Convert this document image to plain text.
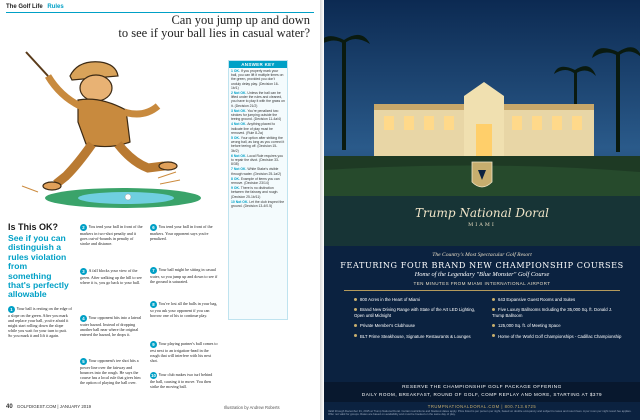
The Golf Life Rules
Can you jump up and down
to see if your ball lies in casual water?
ANSWER KEY
1 OK. If you properly mark your ball, you can lift it multiple times on the green, provided you don't unduly delay play. (Decision 16-1b/1)
2 Not OK. Unless the ball can be lifted under the rules and cleaned, you have to play it with the grass on it. (Decision 21/2)
3 Not OK. You're penalized two strokes for jumping outside the teeing ground. (Decision 11-4a/4)
4 Not OK. Anything placed to indicate line of play must be removed. (Rule 8-2a)
5 OK. Your option after striking the wrong ball, as long as you correct it before teeing off. (Decision 15-3b/2)
6 Not OK. Local Rule requires you to repair the divot. (Decision 33-8/38)
7 Not OK. White Stake's visible through water. (Decision 25-1a/2)
8 OK. Example of items you can remove. (Decision 23/14)
9 OK. There is no distinction between the fairway and rough. (Decision 25-1b/11)
10 Not OK. Let the club inspect the ground. (Decision 13-4/0.5)
Is This OK?
See if you can distinguish a rules violation from something that's perfectly allowable
1 Your ball is resting on the edge of a slope on the green. After you mark and replace your ball, you're afraid it might start rolling down the slope while you wait for your turn to putt. So you mark it and lift it again.
2 You tend your ball in front of the markers in two-shot penalty and it goes out-of-bounds in penalty of stroke and distance.
3 A fall blocks your view of the green. After walking up the hill to see where it is, you go back to your ball.
4 Your opponent hits into a lateral water hazard. Instead of dropping another ball near where the original entered the hazard, he drops it.
5 Your opponent's tee shot hits a power line over the fairway and bounces into the rough. He says the course has a local rule that gives him the option of playing the ball over.
6 You tend your ball in front of the markers. Your opponent says you're penalized.
7 Your ball might be sitting in casual water, so you jump up and down to see if the ground is saturated.
8 You've lost all the balls in your bag, so you ask your opponent if you can borrow one of his to continue play.
9 Your playing partner's ball comes to rest next to an irrigation-head in the rough that will interfere with his next shot.
10 Your club makes two turf behind the ball, causing it to move. You then strike the moving ball.
40 GOLFDIGEST.COM | JANUARY 2019	Illustration by Andrew Roberts
Trump National Doral
MIAMI
The Country's Most Spectacular Golf Resort
FEATURING FOUR BRAND NEW CHAMPIONSHIP COURSES
Home of the Legendary "Blue Monster" Golf Course
TEN MINUTES FROM MIAMI INTERNATIONAL AIRPORT
800 Acres in the Heart of Miami
Brand New Driving Range with State of the Art LED Lighting, Open until Midnight
Private Member's Clubhouse
BLT Prime Steakhouse, Signature Restaurants & Lounges
643 Expansive Guest Rooms and Suites
Five Luxury Ballrooms Including the 35,000 Sq. ft. Donald J. Trump Ballroom
125,000 Sq. ft. of Meeting Space
Home of the World Golf Championships - Cadillac Championship
RESERVE THE CHAMPIONSHIP GOLF PACKAGE OFFERING
DAILY ROOM, BREAKFAST, ROUND OF GOLF, COMP REPLAY AND MORE, STARTING AT $379
TRUMPNATIONALDORAL.COM | 800.713.6725
Valid through December 31, 2015 at Trump National Doral. Certain restrictions and blackout dates apply. Price listed is per person per night, based on double occupancy and subject to taxes and resort fees. A per room per night resort fee applies. Offer not valid for groups. Rates are based on availability and must be booked on the same day of play.
